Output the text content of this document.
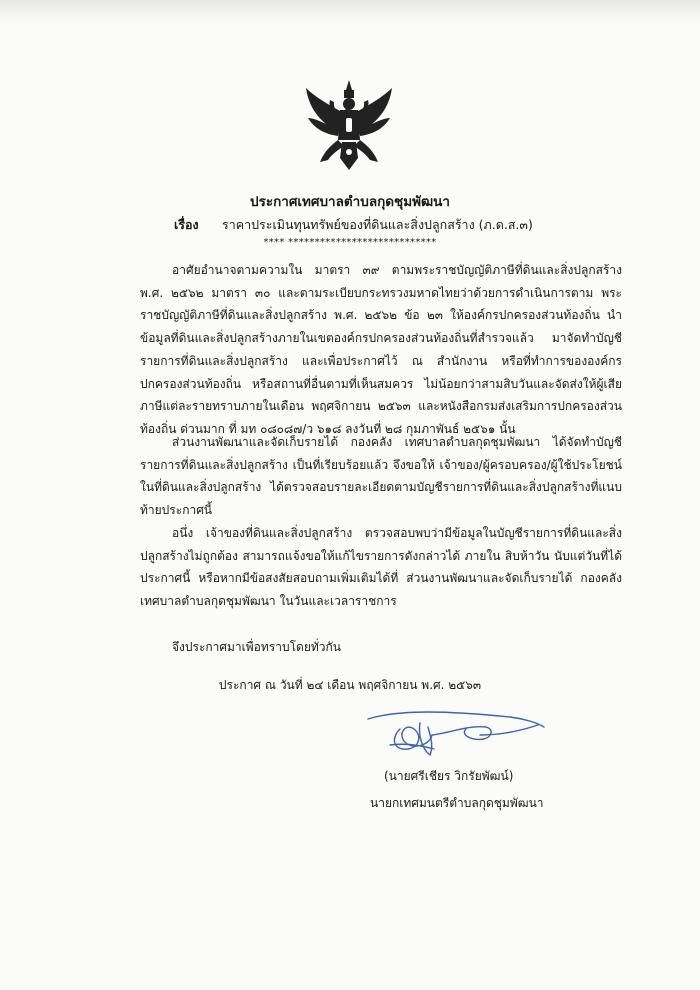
ประกาศเทศบาลตำบลกุดชุมพัฒนา
เรื่อง ราคาประเมินทุนทรัพย์ของที่ดินและสิ่งปลูกสร้าง (ภ.ด.ส.๓)
**** ****************************
อาศัยอำนาจตามความใน มาตรา ๓๙ ตามพระราชบัญญัติภาษีที่ดินและสิ่งปลูกสร้าง พ.ศ. ๒๕๖๒ มาตรา ๓๐ และตามระเบียบกระทรวงมหาดไทยว่าด้วยการดำเนินการตาม พระราชบัญญัติภาษีที่ดินและสิ่งปลูกสร้าง พ.ศ. ๒๕๖๒ ข้อ ๒๓ ให้องค์กรปกครองส่วนท้องถิ่น นำข้อมูลที่ดินและสิ่งปลูกสร้างภายในเขตองค์กรปกครองส่วนท้องถิ่นที่สำรวจแล้ว มาจัดทำบัญชีรายการที่ดินและสิ่งปลูกสร้าง และเพื่อประกาศไว้ ณ สำนักงาน หรือที่ทำการขององค์กรปกครองส่วนท้องถิ่น หรือสถานที่อื่นตามที่เห็นสมควร ไม่น้อยกว่าสามสิบวันและจัดส่งให้ผู้เสียภาษีแต่ละรายทราบภายในเดือน พฤศจิกายน ๒๕๖๓ และหนังสือกรมส่งเสริมการปกครองส่วนท้องถิ่น ด่วนมาก ที่ มท ๐๘๐๘๗/ว ๖๑๘ ลงวันที่ ๒๘ กุมภาพันธ์ ๒๕๖๑ นั้น
ส่วนงานพัฒนาและจัดเก็บรายได้ กองคลัง เทศบาลตำบลกุดชุมพัฒนา ได้จัดทำบัญชีรายการที่ดินและสิ่งปลูกสร้าง เป็นที่เรียบร้อยแล้ว จึงขอให้ เจ้าของ/ผู้ครอบครอง/ผู้ใช้ประโยชน์ในที่ดินและสิ่งปลูกสร้าง ได้ตรวจสอบรายละเอียดตามบัญชีรายการที่ดินและสิ่งปลูกสร้างที่แนบท้ายประกาศนี้
อนึ่ง เจ้าของที่ดินและสิ่งปลูกสร้าง ตรวจสอบพบว่ามีข้อมูลในบัญชีรายการที่ดินและสิ่งปลูกสร้างไม่ถูกต้อง สามารถแจ้งขอให้แก้ไขรายการดังกล่าวได้ ภายใน สิบห้าวัน นับแต่วันที่ได้ประกาศนี้ หรือหากมีข้อสงสัยสอบถามเพิ่มเติมได้ที่ ส่วนงานพัฒนาและจัดเก็บรายได้ กองคลัง เทศบาลตำบลกุดชุมพัฒนา ในวันและเวลาราชการ
จึงประกาศมาเพื่อทราบโดยทั่วกัน
ประกาศ ณ วันที่ ๒๔ เดือน พฤศจิกายน พ.ศ. ๒๕๖๓
(นายศรีเชียร วิกรัยพัฒน์)
นายกเทศมนตรีตำบลกุดชุมพัฒนา
